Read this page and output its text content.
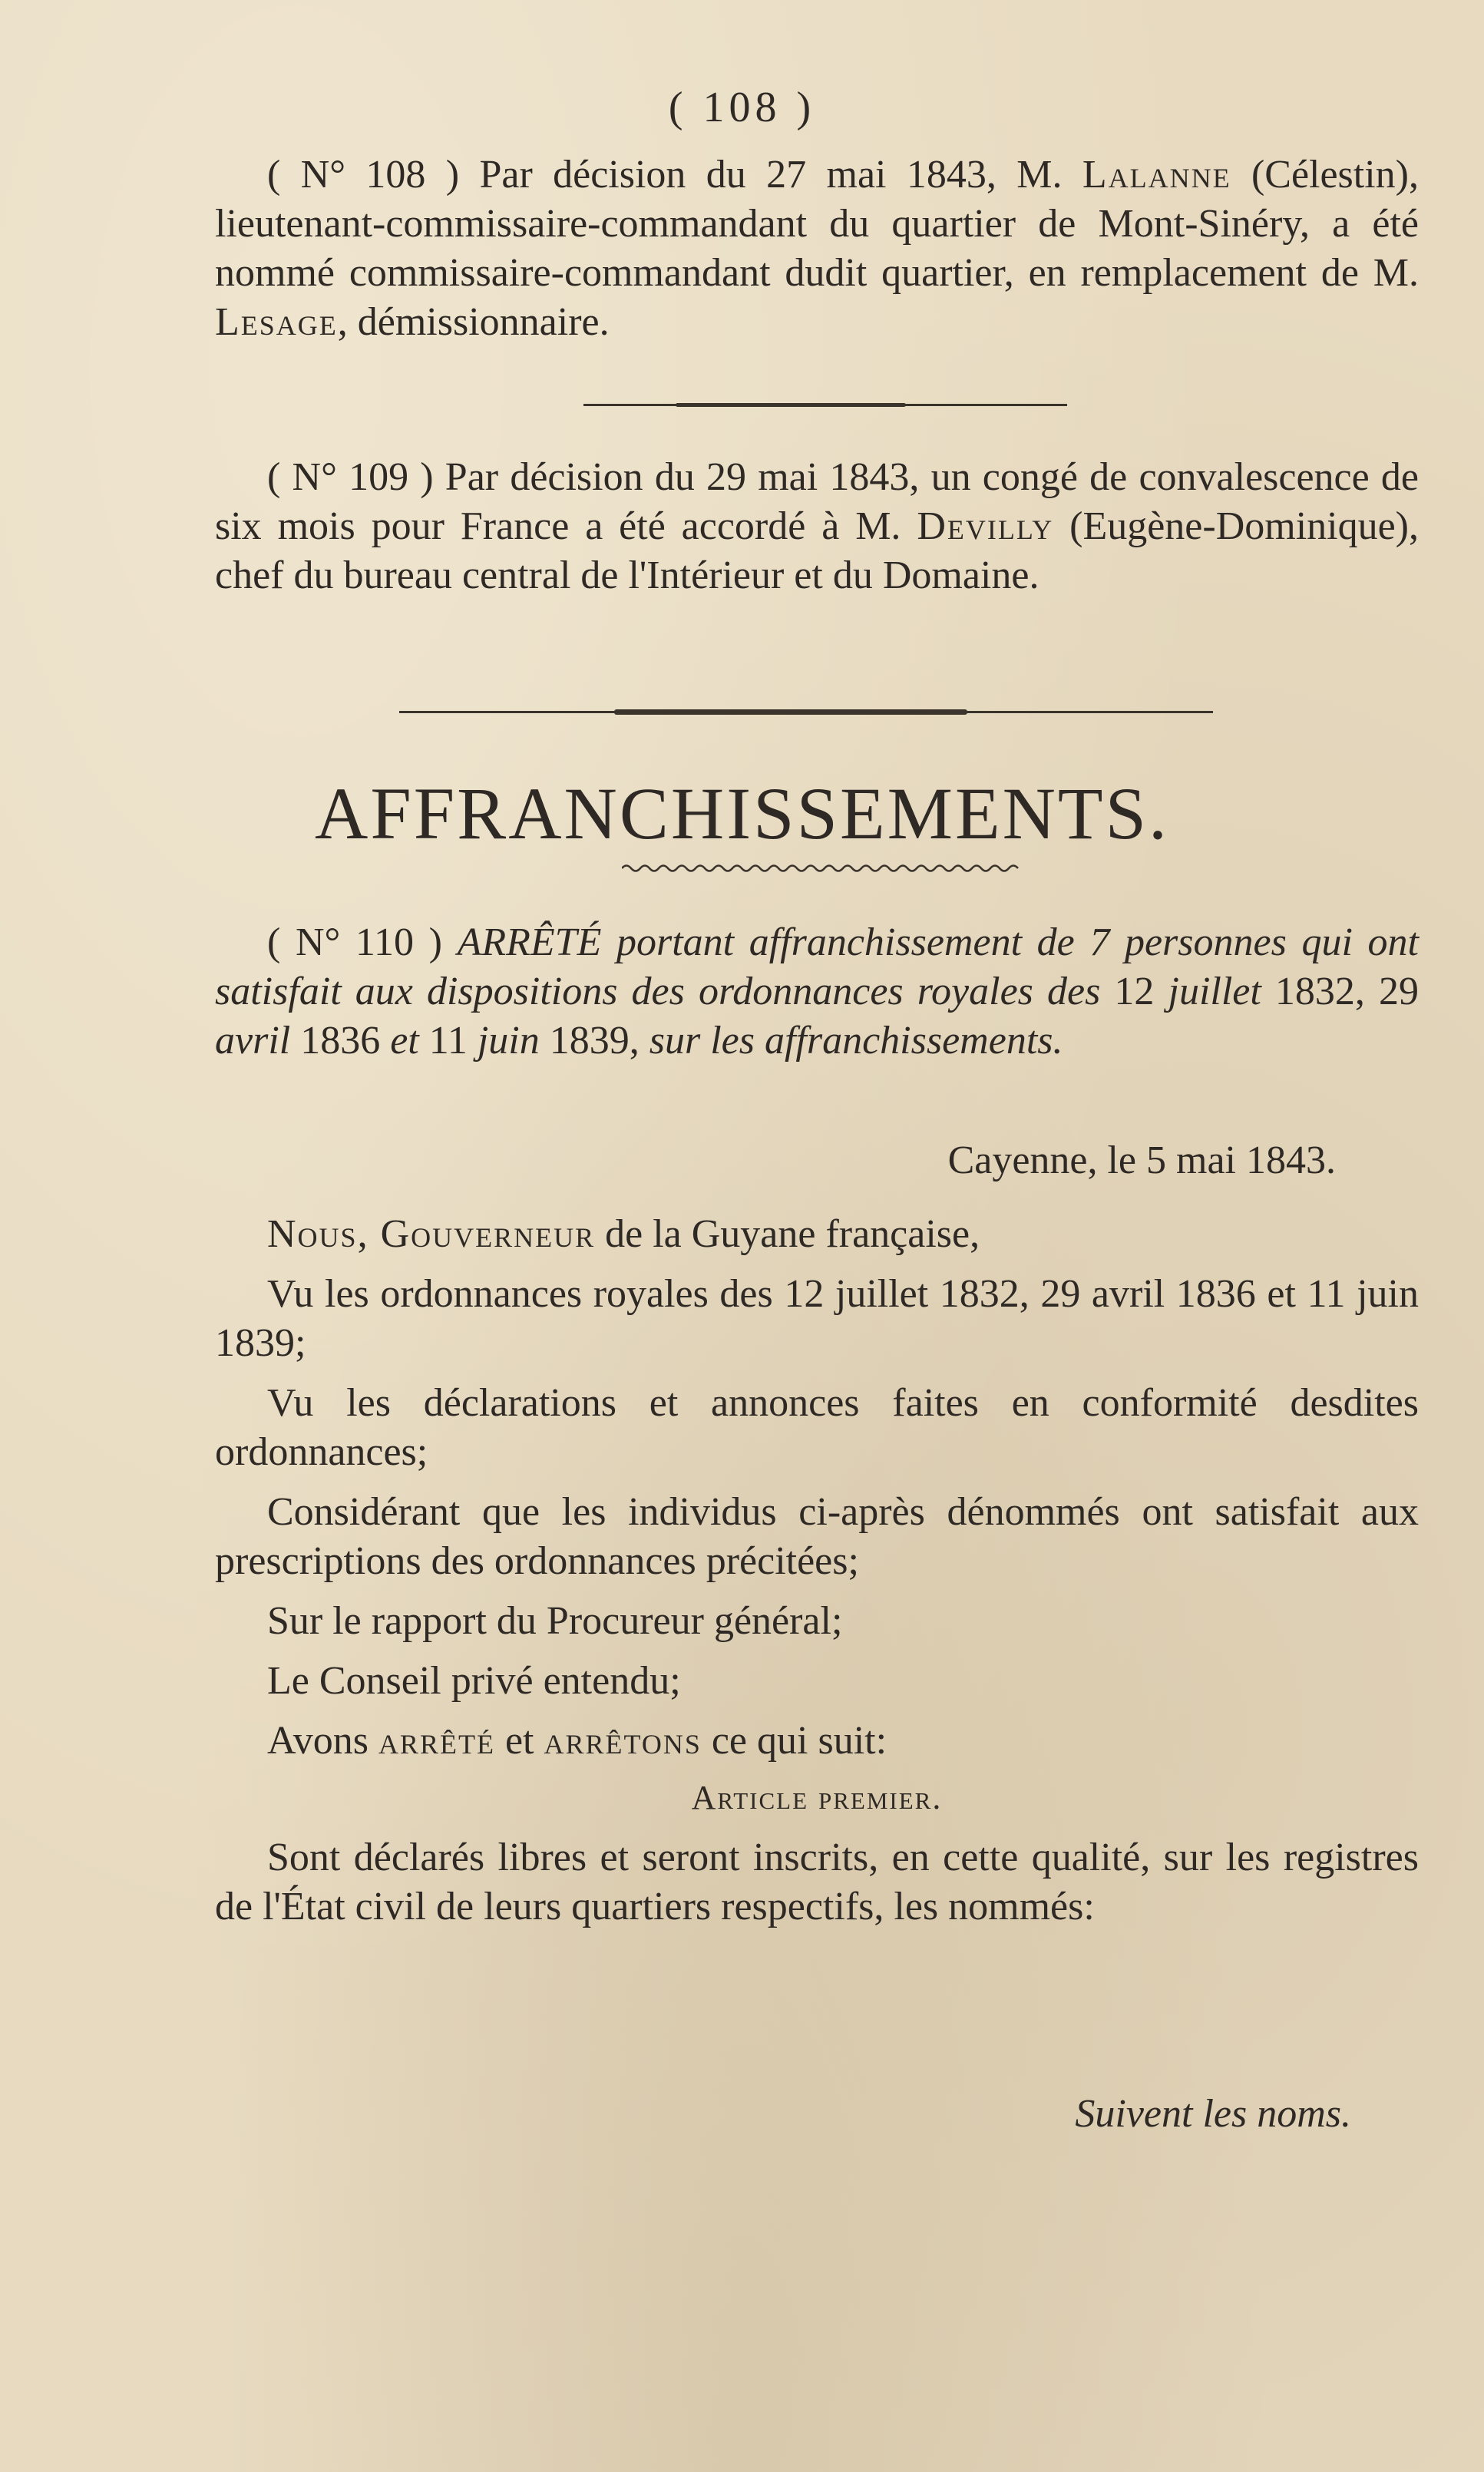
( 108 )

( N° 108 ) Par décision du 27 mai 1843, M. Lalanne (Célestin), lieutenant-commissaire-commandant du quartier de Mont-Sinéry, a été nommé commissaire-commandant dudit quartier, en remplacement de M. Lesage, démissionnaire.

( N° 109 ) Par décision du 29 mai 1843, un congé de convalescence de six mois pour France a été accordé à M. Devilly (Eugène-Dominique), chef du bureau central de l'Intérieur et du Domaine.

AFFRANCHISSEMENTS.

( N° 110 ) ARRÊTÉ portant affranchissement de 7 personnes qui ont satisfait aux dispositions des ordonnances royales des 12 juillet 1832, 29 avril 1836 et 11 juin 1839, sur les affranchissements.

Cayenne, le 5 mai 1843.

Nous, Gouverneur de la Guyane française,

Vu les ordonnances royales des 12 juillet 1832, 29 avril 1836 et 11 juin 1839;

Vu les déclarations et annonces faites en conformité desdites ordonnances;

Considérant que les individus ci-après dénommés ont satisfait aux prescriptions des ordonnances précitées;

Sur le rapport du Procureur général;

Le Conseil privé entendu;

Avons arrêté et arrêtons ce qui suit:

Article premier.

Sont déclarés libres et seront inscrits, en cette qualité, sur les registres de l'État civil de leurs quartiers respectifs, les nommés:

Suivent les noms.
